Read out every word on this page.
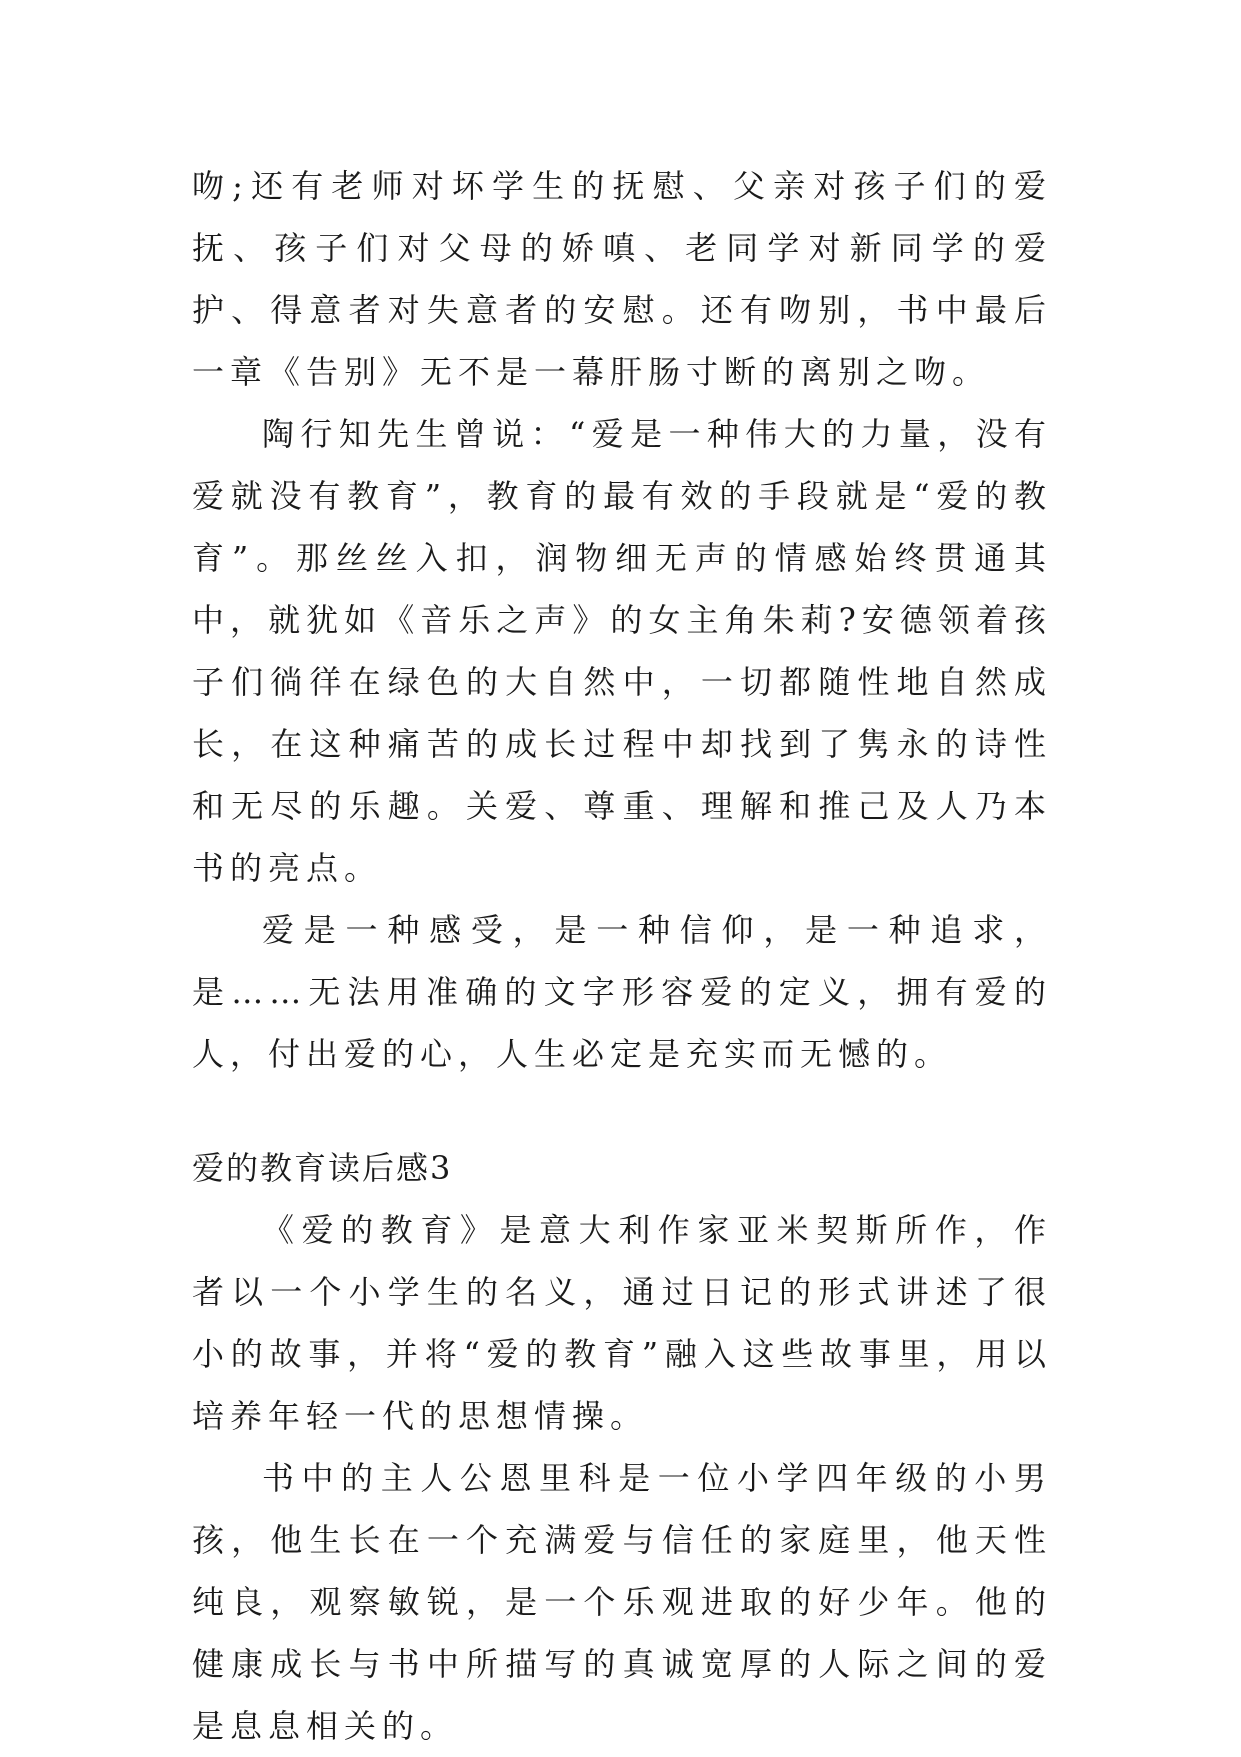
吻;还有老师对坏学生的抚慰、父亲对孩子们的爱抚、孩子们对父母的娇嗔、老同学对新同学的爱护、得意者对失意者的安慰。还有吻别，书中最后一章《告别》无不是一幕肝肠寸断的离别之吻。

陶行知先生曾说：“爱是一种伟大的力量，没有爱就没有教育”，教育的最有效的手段就是“爱的教育”。那丝丝入扣，润物细无声的情感始终贯通其中，就犹如《音乐之声》的女主角朱莉?安德领着孩子们徜徉在绿色的大自然中，一切都随性地自然成长，在这种痛苦的成长过程中却找到了隽永的诗性和无尽的乐趣。关爱、尊重、理解和推己及人乃本书的亮点。

爱是一种感受，是一种信仰，是一种追求，是……无法用准确的文字形容爱的定义，拥有爱的人，付出爱的心，人生必定是充实而无憾的。

爱的教育读后感3

《爱的教育》是意大利作家亚米契斯所作，作者以一个小学生的名义，通过日记的形式讲述了很小的故事，并将“爱的教育”融入这些故事里，用以培养年轻一代的思想情操。

书中的主人公恩里科是一位小学四年级的小男孩，他生长在一个充满爱与信任的家庭里，他天性纯良，观察敏锐，是一个乐观进取的好少年。他的健康成长与书中所描写的真诚宽厚的人际之间的爱是息息相关的。
